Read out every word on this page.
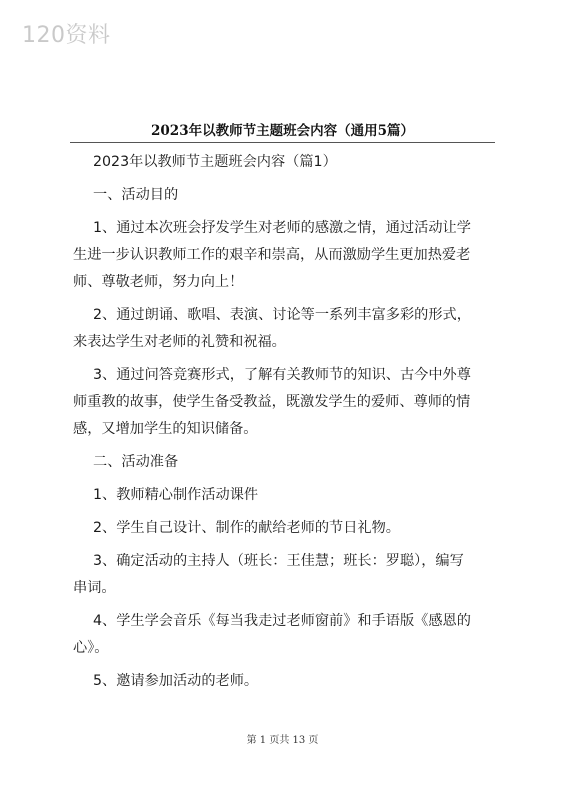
120资料
2023年以教师节主题班会内容（通用5篇）
2023年以教师节主题班会内容（篇1）
一、活动目的
1、通过本次班会抒发学生对老师的感激之情，通过活动让学
生进一步认识教师工作的艰辛和崇高，从而激励学生更加热爱老
师、尊敬老师，努力向上！
2、通过朗诵、歌唱、表演、讨论等一系列丰富多彩的形式，
来表达学生对老师的礼赞和祝福。
3、通过问答竞赛形式，了解有关教师节的知识、古今中外尊
师重教的故事，使学生备受教益，既激发学生的爱师、尊师的情
感，又增加学生的知识储备。
二、活动准备
1、教师精心制作活动课件
2、学生自己设计、制作的献给老师的节日礼物。
3、确定活动的主持人（班长：王佳慧；班长：罗聪），编写
串词。
4、学生学会音乐《每当我走过老师窗前》和手语版《感恩的
心》。
5、邀请参加活动的老师。
第 1 页共 13 页
